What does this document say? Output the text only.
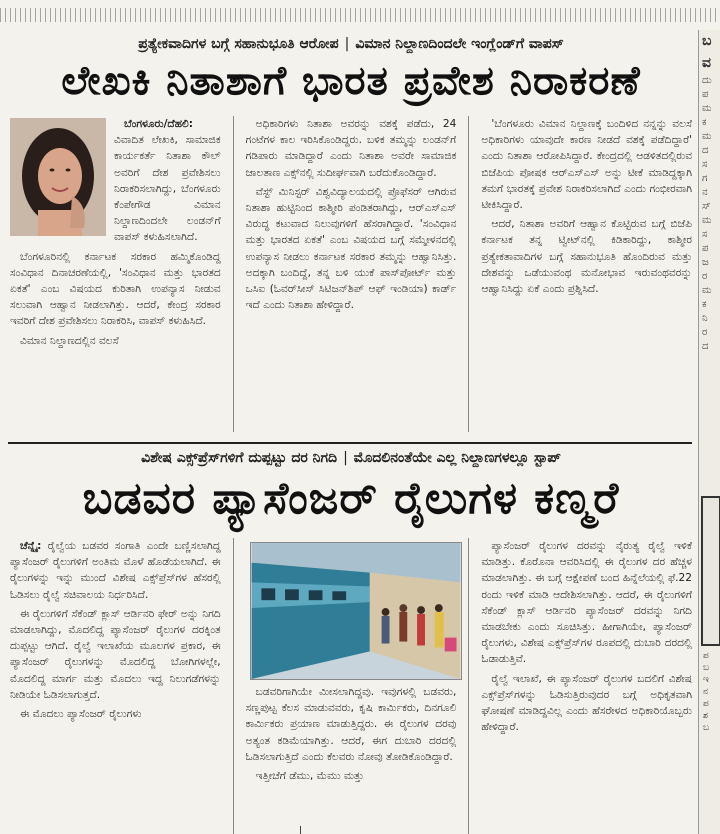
ಪ್ರತ್ಯೇಕವಾದಿಗಳ ಬಗ್ಗೆ ಸಹಾನುಭೂತಿ ಆರೋಪ | ವಿಮಾನ ನಿಲ್ದಾಣದಿಂದಲೇ ಇಂಗ್ಲೆಂಡ್‌ಗೆ ವಾಪಸ್
ಲೇಖಕಿ ನಿತಾಶಾಗೆ ಭಾರತ ಪ್ರವೇಶ ನಿರಾಕರಣೆ

ಬೆಂಗಳೂರು/ದೆಹಲಿ: ವಿವಾದಿತ ಲೇಖಕಿ, ಸಾಮಾಜಿಕ ಕಾರ್ಯಕರ್ತೆ ನಿತಾಶಾ ಕೌಲ್ ಅವರಿಗೆ ದೇಶ ಪ್ರವೇಶಿಸಲು ನಿರಾಕರಿಸಲಾಗಿದ್ದು, ಬೆಂಗಳೂರು ಕೆಂಪೇಗೌಡ ವಿಮಾನ ನಿಲ್ದಾಣದಿಂದಲೇ ಲಂಡನ್‌ಗೆ ವಾಪಸ್ ಕಳುಹಿಸಲಾಗಿದೆ.

ಬೆಂಗಳೂರಿನಲ್ಲಿ ಕರ್ನಾಟಕ ಸರಕಾರ ಹಮ್ಮಿಕೊಂಡಿದ್ದ ಸಂವಿಧಾನ ದಿನಾಚರಣೆಯಲ್ಲಿ, 'ಸಂವಿಧಾನ ಮತ್ತು ಭಾರತದ ಏಕತೆ' ಎಂಬ ವಿಷಯದ ಕುರಿತಾಗಿ ಉಪನ್ಯಾಸ ನೀಡುವ ಸಲುವಾಗಿ ಆಹ್ವಾನ ನೀಡಲಾಗಿತ್ತು. ಆದರೆ, ಕೇಂದ್ರ ಸರಕಾರ ಇವರಿಗೆ ದೇಶ ಪ್ರವೇಶಿಸಲು ನಿರಾಕರಿಸಿ, ವಾಪಸ್ ಕಳುಹಿಸಿದೆ.

ವಿಮಾನ ನಿಲ್ದಾಣದಲ್ಲಿನ ವಲಸೆ

ಅಧಿಕಾರಿಗಳು ನಿತಾಶಾ ಅವರನ್ನು ವಶಕ್ಕೆ ಪಡೆದು, 24 ಗಂಟೆಗಳ ಕಾಲ ಇರಿಸಿಕೊಂಡಿದ್ದರು. ಬಳಿಕ ತಮ್ಮನ್ನು ಲಂಡನ್‌ಗೆ ಗಡಿಪಾರು ಮಾಡಿದ್ದಾರೆ ಎಂದು ನಿತಾಶಾ ಅವರೇ ಸಾಮಾಜಿಕ ಜಾಲತಾಣ ಎಕ್ಸ್‌ನಲ್ಲಿ ಸುದೀರ್ಘವಾಗಿ ಬರೆದುಕೊಂಡಿದ್ದಾರೆ.

ವೆಸ್ಟ್ ಮಿನಿಸ್ಟರ್ ವಿಶ್ವವಿದ್ಯಾಲಯದಲ್ಲಿ ಪ್ರೊಫೆಸರ್ ಆಗಿರುವ ನಿತಾಶಾ ಹುಟ್ಟಿನಿಂದ ಕಾಶ್ಮೀರಿ ಪಂಡಿತರಾಗಿದ್ದು, ಆರ್‌ಎಸ್‌ಎಸ್ ವಿರುದ್ಧ ಕಟುವಾದ ನಿಲುವುಗಳಿಗೆ ಹೆಸರಾಗಿದ್ದಾರೆ. 'ಸಂವಿಧಾನ ಮತ್ತು ಭಾರತದ ಏಕತೆ' ಎಂಬ ವಿಷಯದ ಬಗ್ಗೆ ಸಮ್ಮೇಳನದಲ್ಲಿ ಉಪನ್ಯಾಸ ನೀಡಲು ಕರ್ನಾಟಕ ಸರಕಾರ ತಮ್ಮನ್ನು ಆಹ್ವಾನಿಸಿತ್ತು. ಅದಕ್ಕಾಗಿ ಬಂದಿದ್ದೆ, ತನ್ನ ಬಳಿ ಯುಕೆ ಪಾಸ್‌ಪೋರ್ಟ್ ಮತ್ತು ಒಸಿಐ (ಓವರ್‌ಸೀಸ್ ಸಿಟಿಜನ್‌ಶಿಪ್ ಆಫ್ ಇಂಡಿಯಾ) ಕಾರ್ಡ್ ಇದೆ ಎಂದು ನಿತಾಶಾ ಹೇಳಿದ್ದಾರೆ.

'ಬೆಂಗಳೂರು ವಿಮಾನ ನಿಲ್ದಾಣಕ್ಕೆ ಬಂದಿಳಿದ ನನ್ನನ್ನು ವಲಸೆ ಅಧಿಕಾರಿಗಳು ಯಾವುದೇ ಕಾರಣ ನೀಡದೆ ವಶಕ್ಕೆ ಪಡೆದಿದ್ದಾರೆ' ಎಂದು ನಿತಾಶಾ ಆರೋಪಿಸಿದ್ದಾರೆ. ಕೇಂದ್ರದಲ್ಲಿ ಆಡಳಿತದಲ್ಲಿರುವ ಬಿಜೆಪಿಯ ಪೋಷಕ ಆರ್‌ಎಸ್‌ಎಸ್ ಅನ್ನು ಟೀಕೆ ಮಾಡಿದ್ದಕ್ಕಾಗಿ ತಮಗೆ ಭಾರತಕ್ಕೆ ಪ್ರವೇಶ ನಿರಾಕರಿಸಲಾಗಿದೆ ಎಂದು ಗಂಭೀರವಾಗಿ ಟೀಕಿಸಿದ್ದಾರೆ.

ಆದರೆ, ನಿತಾಶಾ ಅವರಿಗೆ ಆಹ್ವಾನ ಕೊಟ್ಟಿರುವ ಬಗ್ಗೆ ಬಿಜೆಪಿ ಕರ್ನಾಟಕ ತನ್ನ ಟ್ವೀಟ್‌ನಲ್ಲಿ ಕಿಡಿಕಾರಿದ್ದು, ಕಾಶ್ಮೀರ ಪ್ರತ್ಯೇಕತಾವಾದಿಗಳ ಬಗ್ಗೆ ಸಹಾನುಭೂತಿ ಹೊಂದಿರುವ ಮತ್ತು ದೇಶವನ್ನು ಒಡೆಯುವಂಥ ಮನೋಭಾವ ಇರುವಂಥವರನ್ನು ಆಹ್ವಾನಿಸಿದ್ದು ಏಕೆ ಎಂದು ಪ್ರಶ್ನಿಸಿದೆ.

ವಿಶೇಷ ಎಕ್ಸ್‌ಪ್ರೆಸ್‌ಗಳಿಗೆ ದುಪ್ಪಟ್ಟು ದರ ನಿಗದಿ | ಮೊದಲಿನಂತೆಯೇ ಎಲ್ಲ ನಿಲ್ದಾಣಗಳಲ್ಲೂ ಸ್ಟಾಪ್
ಬಡವರ ಪ್ಯಾಸೆಂಜರ್ ರೈಲುಗಳ ಕಣ್ಮರೆ

ಚೆನ್ನೈ: ರೈಲ್ವೆಯ ಬಡವರ ಸಂಗಾತಿ ಎಂದೇ ಬಣ್ಣಿಸಲಾಗಿದ್ದ ಪ್ಯಾಸೆಂಜರ್ ರೈಲುಗಳಿಗೆ ಅಂತಿಮ ಮೊಳೆ ಹೊಡೆಯಲಾಗಿದೆ. ಈ ರೈಲುಗಳನ್ನು ಇನ್ನು ಮುಂದೆ ವಿಶೇಷ ಎಕ್ಸ್‌ಪ್ರೆಸ್‌ಗಳ ಹೆಸರಲ್ಲಿ ಓಡಿಸಲು ರೈಲ್ವೆ ಸಚಿವಾಲಯ ನಿರ್ಧರಿಸಿದೆ.

ಈ ರೈಲುಗಳಿಗೆ ಸೆಕೆಂಡ್ ಕ್ಲಾಸ್ ಆರ್ಡಿನರಿ ಫೇರ್ ಅನ್ನು ನಿಗದಿ ಮಾಡಲಾಗಿದ್ದು, ಮೊದಲಿದ್ದ ಪ್ಯಾಸೆಂಜರ್ ರೈಲುಗಳ ದರಕ್ಕಿಂತ ದುಪ್ಪಟ್ಟು ಆಗಿದೆ. ರೈಲ್ವೆ ಇಲಾಖೆಯ ಮೂಲಗಳ ಪ್ರಕಾರ, ಈ ಪ್ಯಾಸೆಂಜರ್ ರೈಲುಗಳನ್ನು ಮೊದಲಿದ್ದ ಬೋಗಿಗಳಲ್ಲೇ, ಮೊದಲಿದ್ದ ಮಾರ್ಗ ಮತ್ತು ಮೊದಲು ಇದ್ದ ನಿಲುಗಡೆಗಳನ್ನು ನೀಡಿಯೇ ಓಡಿಸಲಾಗುತ್ತದೆ.

ಈ ಮೊದಲು ಪ್ಯಾಸೆಂಜರ್ ರೈಲುಗಳು

ಬಡವರಿಗಾಗಿಯೇ ಮೀಸಲಾಗಿದ್ದವು. ಇವುಗಳಲ್ಲಿ ಬಡವರು, ಸಣ್ಣಪುಟ್ಟ ಕೆಲಸ ಮಾಡುವವರು, ಕೃಷಿ ಕಾರ್ಮಿಕರು, ದಿನಗೂಲಿ ಕಾರ್ಮಿಕರು ಪ್ರಯಾಣ ಮಾಡುತ್ತಿದ್ದರು. ಈ ರೈಲುಗಳ ದರವು ಅತ್ಯಂತ ಕಡಿಮೆಯಾಗಿತ್ತು. ಆದರೆ, ಈಗ ದುಬಾರಿ ದರದಲ್ಲಿ ಓಡಿಸಲಾಗುತ್ತಿದೆ ಎಂದು ಕೆಲವರು ನೋವು ತೋಡಿಕೊಂಡಿದ್ದಾರೆ.

ಇತ್ತೀಚೆಗೆ ಡೆಮು, ಮೆಮು ಮತ್ತು

ಪ್ಯಾಸೆಂಜರ್ ರೈಲುಗಳ ದರವನ್ನು ನೈರುತ್ಯ ರೈಲ್ವೆ ಇಳಿಕೆ ಮಾಡಿತ್ತು. ಕೊರೊನಾ ಆವರಿಸಿದಲ್ಲಿ ಈ ರೈಲುಗಳ ದರ ಹೆಚ್ಚಳ ಮಾಡಲಾಗಿತ್ತು. ಈ ಬಗ್ಗೆ ಆಕ್ಷೇಪಣೆ ಬಂದ ಹಿನ್ನೆಲೆಯಲ್ಲಿ ಫೆ.22 ರಂದು ಇಳಿಕೆ ಮಾಡಿ ಆದೇಶಿಸಲಾಗಿತ್ತು. ಆದರೆ, ಈ ರೈಲುಗಳಿಗೆ ಸೆಕೆಂಡ್ ಕ್ಲಾಸ್ ಆರ್ಡಿನರಿ ಪ್ಯಾಸೆಂಜರ್ ದರವನ್ನು ನಿಗದಿ ಮಾಡಬೇಕು ಎಂದು ಸೂಚಿಸಿತ್ತು. ಹೀಗಾಗಿಯೇ, ಪ್ಯಾಸೆಂಜರ್ ರೈಲುಗಳು, ವಿಶೇಷ ಎಕ್ಸ್‌ಪ್ರೆಸ್‌ಗಳ ರೂಪದಲ್ಲಿ ದುಬಾರಿ ದರದಲ್ಲಿ ಓಡಾಡುತ್ತಿವೆ.

ರೈಲ್ವೆ ಇಲಾಖೆ, ಈ ಪ್ಯಾಸೆಂಜರ್ ರೈಲುಗಳ ಬದಲಿಗೆ ವಿಶೇಷ ಎಕ್ಸ್‌ಪ್ರೆಸ್‌ಗಳನ್ನು ಓಡಿಸುತ್ತಿರುವುದರ ಬಗ್ಗೆ ಅಧಿಕೃತವಾಗಿ ಘೋಷಣೆ ಮಾಡಿದ್ದವಿಲ್ಲ ಎಂದು ಹೆಸರೇಳದ ಅಧಿಕಾರಿಯೊಬ್ಬರು ಹೇಳಿದ್ದಾರೆ.

ಬ
ವ
ದು
ಪ
ಮ
ಕ
ಮ
ದ
ಸ
ಗ
ನ
ಸ್
ಮ
ಸ
ಪ
ಜ
ರ
ಮ
ಕ
ನಿ
ರ
ದ
ಪ
ಬ
ಇ
ನ
ಪ
ಶ
ಬ
